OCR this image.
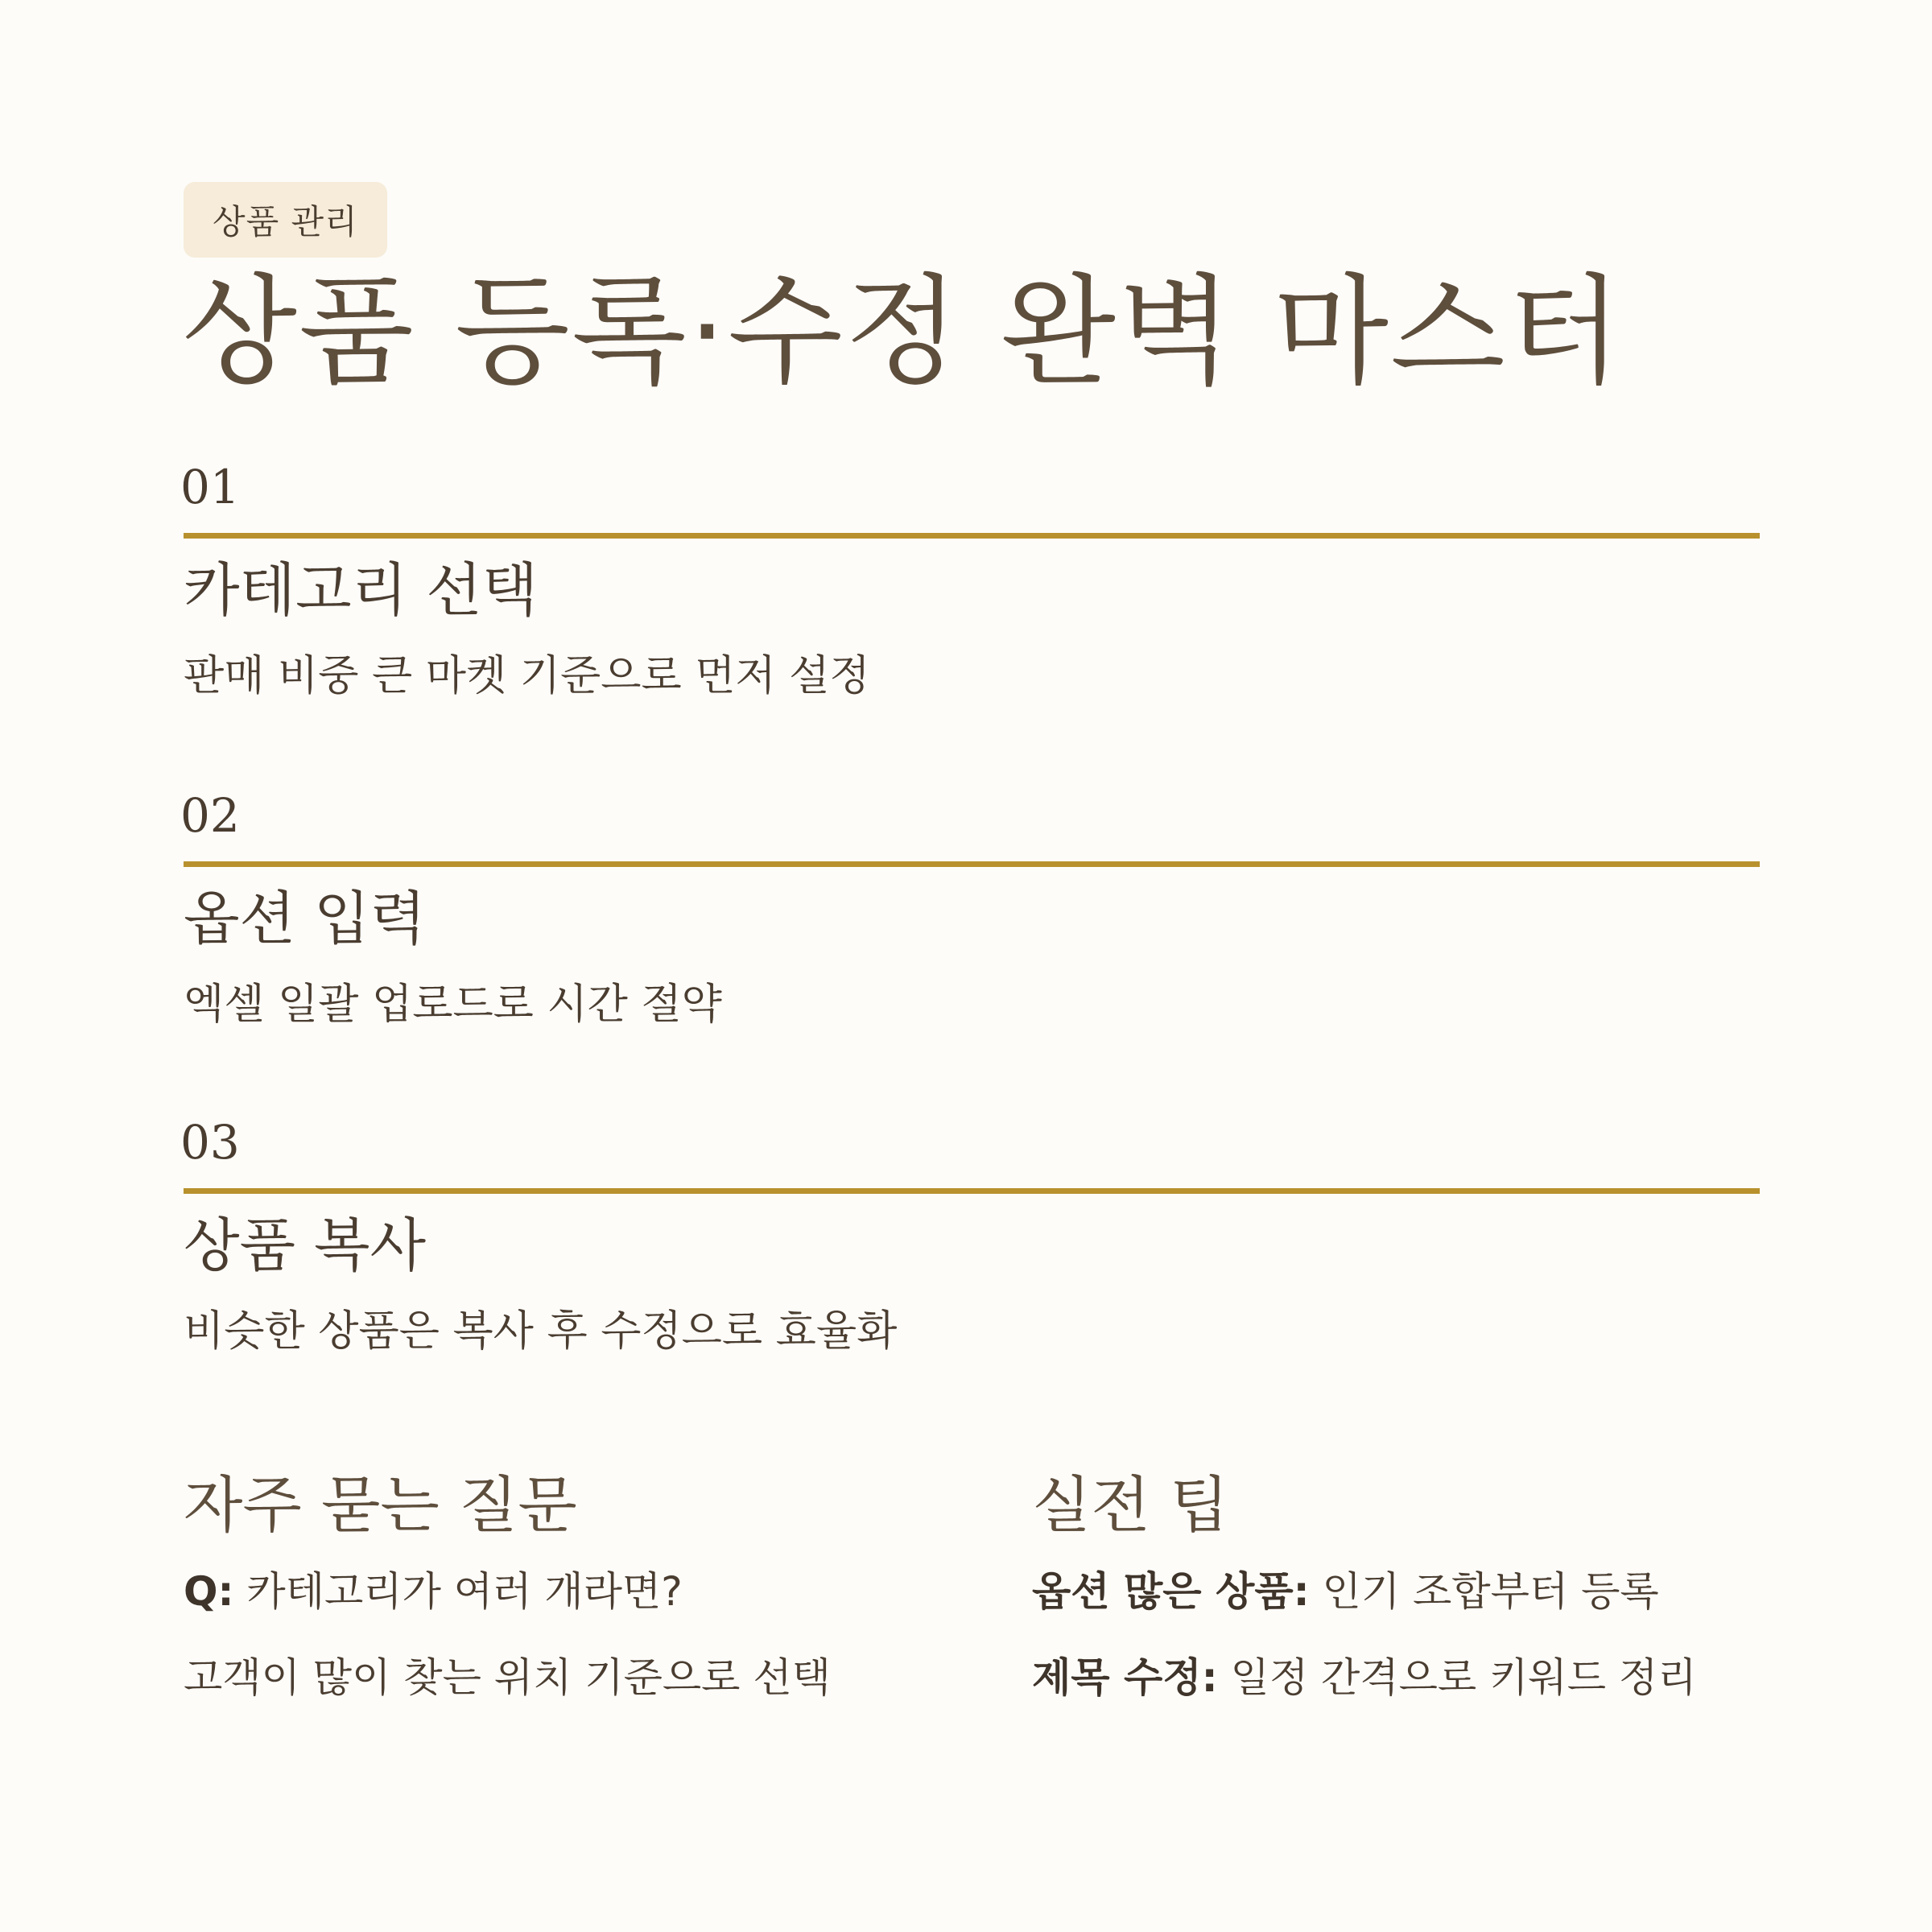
상품 관리
상품 등록·수정 완벽 마스터
01
카테고리 선택
판매 비중 큰 마켓 기준으로 먼저 설정
02
옵션 입력
엑셀 일괄 업로드로 시간 절약
03
상품 복사
비슷한 상품은 복사 후 수정으로 효율화
자주 묻는 질문
Q: 카테고리가 여러 개라면?
고객이 많이 찾는 위치 기준으로 선택
실전 팁
옵션 많은 상품: 인기 조합부터 등록
제목 수정: 일정 간격으로 키워드 정리
